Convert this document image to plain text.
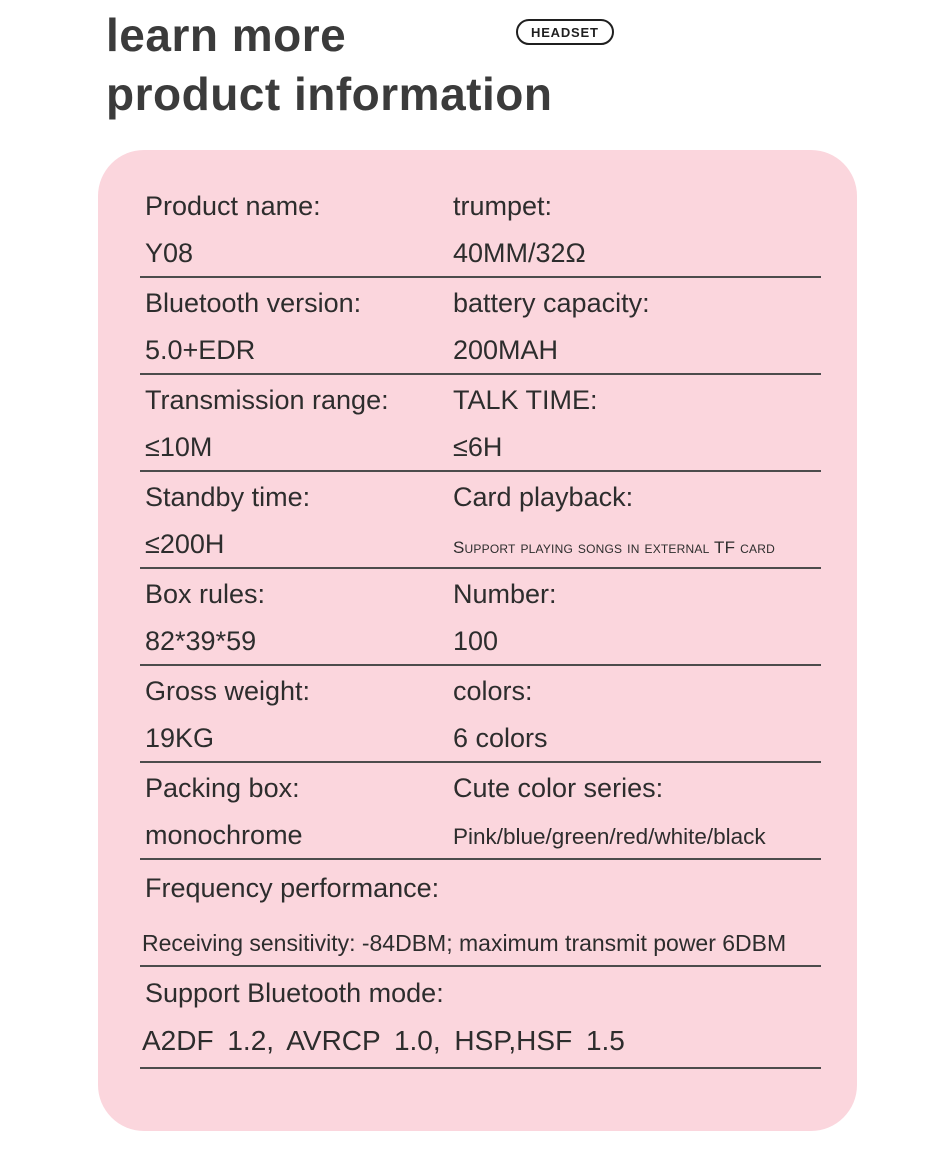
learn more
product information
HEADSET
Product name:	trumpet:
Y08	40MM/32Ω
Bluetooth version:	battery capacity:
5.0+EDR	200MAH
Transmission range:	TALK TIME:
≤10M	≤6H
Standby time:	Card playback:
≤200H	Support playing songs in external TF card
Box rules:	Number:
82*39*59	100
Gross weight:	colors:
19KG	6 colors
Packing box:	Cute color series:
monochrome	Pink/blue/green/red/white/black
Frequency performance:
Receiving sensitivity: -84DBM; maximum transmit power 6DBM
Support Bluetooth mode:
A2DF 1.2, AVRCP 1.0, HSP,HSF 1.5
